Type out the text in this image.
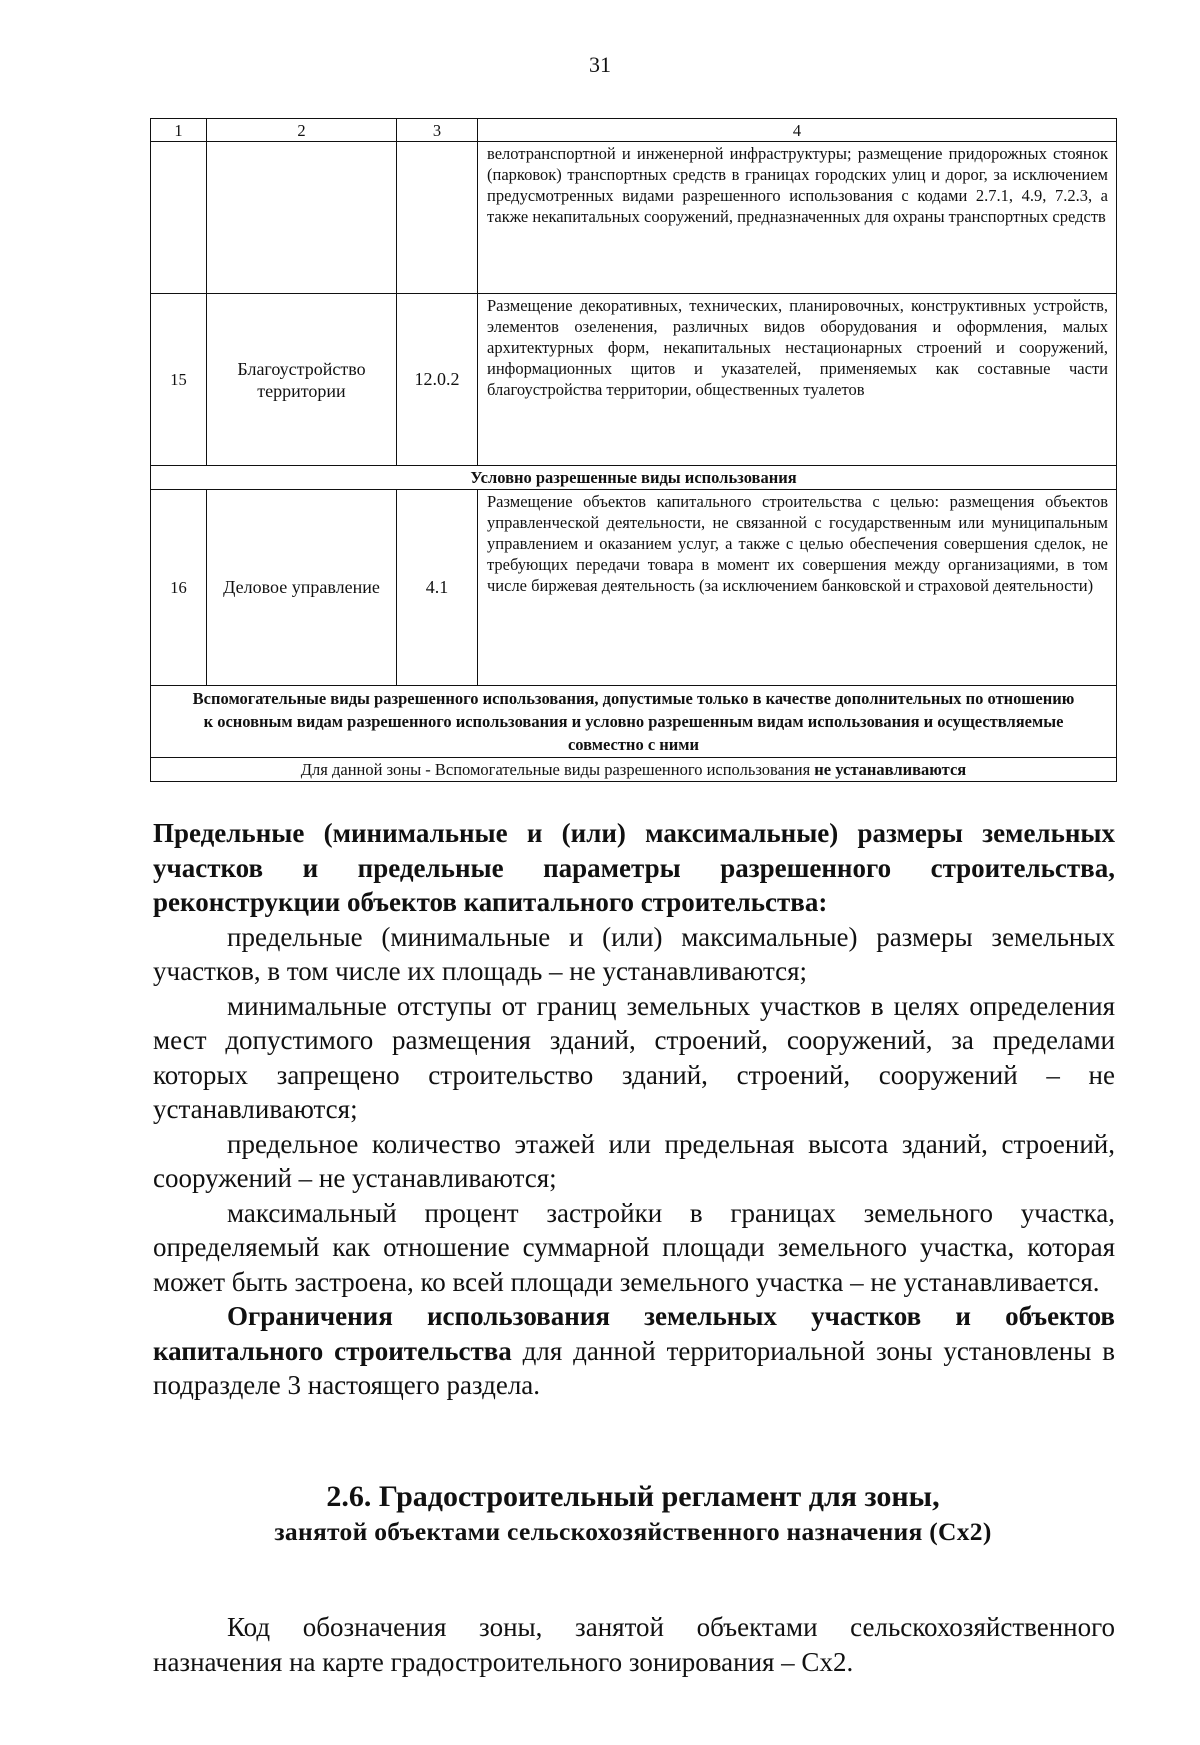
31
1	2	3	4
			велотранспортной и инженерной инфраструктуры; размещение придорожных стоянок (парковок) транспортных средств в границах городских улиц и дорог, за исключением предусмотренных видами разрешенного использования с кодами 2.7.1, 4.9, 7.2.3, а также некапитальных сооружений, предназначенных для охраны транспортных средств
15	Благоустройство территории	12.0.2	Размещение декоративных, технических, планировочных, конструктивных устройств, элементов озеленения, различных видов оборудования и оформления, малых архитектурных форм, некапитальных нестационарных строений и сооружений, информационных щитов и указателей, применяемых как составные части благоустройства территории, общественных туалетов
Условно разрешенные виды использования			
16	Деловое управление	4.1	Размещение объектов капитального строительства с целью: размещения объектов управленческой деятельности, не связанной с государственным или муниципальным управлением и оказанием услуг, а также с целью обеспечения совершения сделок, не требующих передачи товара в момент их совершения между организациями, в том числе биржевая деятельность (за исключением банковской и страховой деятельности)
Вспомогательные виды разрешенного использования, допустимые только в качестве дополнительных по отношению к основным видам разрешенного использования и условно разрешенным видам использования и осуществляемые совместно с ними			
Для данной зоны - Вспомогательные виды разрешенного использования не устанавливаются			

Предельные (минимальные и (или) максимальные) размеры земельных участков и предельные параметры разрешенного строительства, реконструкции объектов капитального строительства:

предельные (минимальные и (или) максимальные) размеры земельных участков, в том числе их площадь – не устанавливаются;

минимальные отступы от границ земельных участков в целях определения мест допустимого размещения зданий, строений, сооружений, за пределами которых запрещено строительство зданий, строений, сооружений – не устанавливаются;

предельное количество этажей или предельная высота зданий, строений, сооружений – не устанавливаются;

максимальный процент застройки в границах земельного участка, определяемый как отношение суммарной площади земельного участка, которая может быть застроена, ко всей площади земельного участка – не устанавливается.

Ограничения использования земельных участков и объектов капитального строительства для данной территориальной зоны установлены в подразделе 3 настоящего раздела.

2.6. Градостроительный регламент для зоны,
занятой объектами сельскохозяйственного назначения (Сх2)

Код обозначения зоны, занятой объектами сельскохозяйственного назначения на карте градостроительного зонирования – Сх2.
